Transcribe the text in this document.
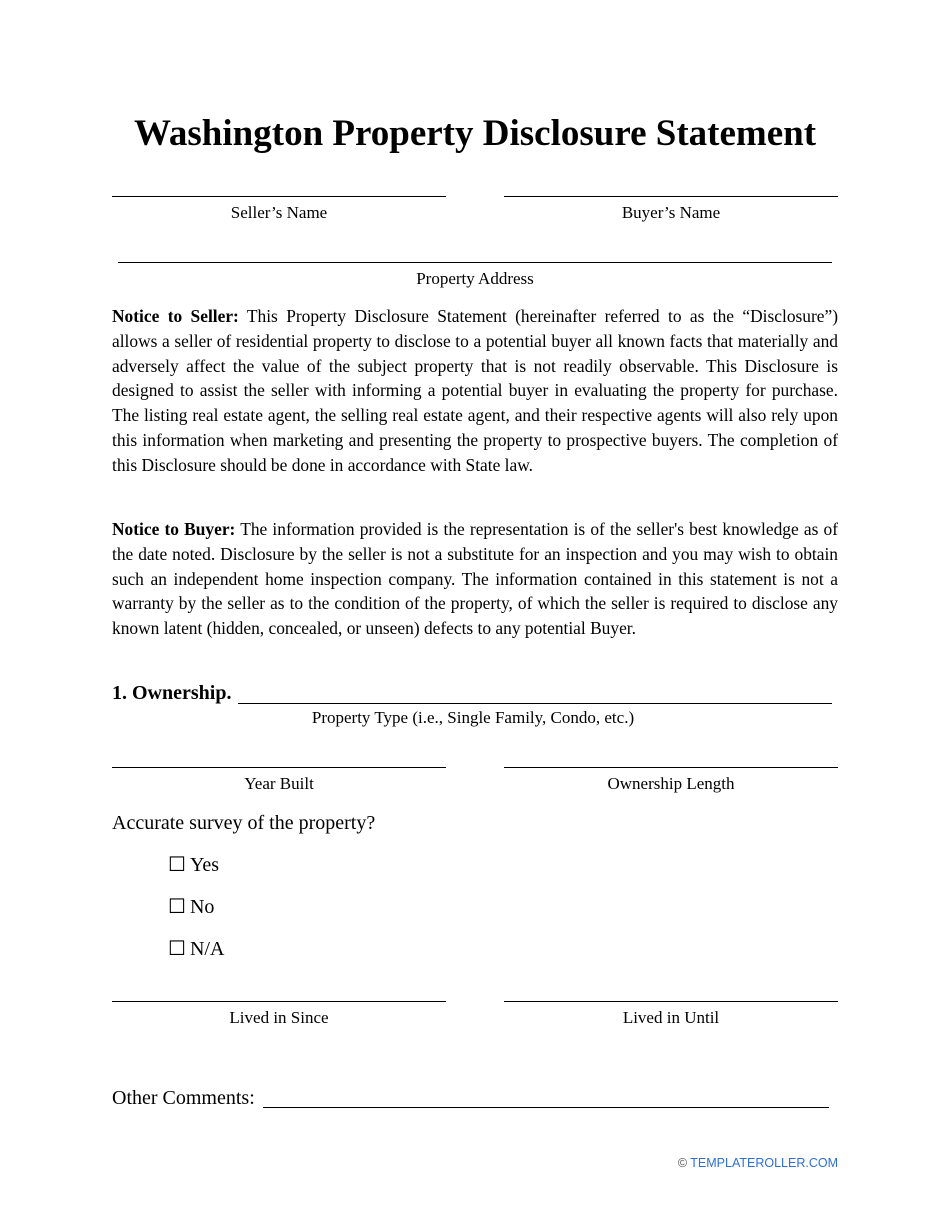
Washington Property Disclosure Statement
Seller’s Name	Buyer’s Name
Property Address
Notice to Seller: This Property Disclosure Statement (hereinafter referred to as the “Disclosure”) allows a seller of residential property to disclose to a potential buyer all known facts that materially and adversely affect the value of the subject property that is not readily observable. This Disclosure is designed to assist the seller with informing a potential buyer in evaluating the property for purchase. The listing real estate agent, the selling real estate agent, and their respective agents will also rely upon this information when marketing and presenting the property to prospective buyers. The completion of this Disclosure should be done in accordance with State law.
Notice to Buyer: The information provided is the representation is of the seller's best knowledge as of the date noted. Disclosure by the seller is not a substitute for an inspection and you may wish to obtain such an independent home inspection company. The information contained in this statement is not a warranty by the seller as to the condition of the property, of which the seller is required to disclose any known latent (hidden, concealed, or unseen) defects to any potential Buyer.
1. Ownership.
Property Type (i.e., Single Family, Condo, etc.)
Year Built	Ownership Length
Accurate survey of the property?
☐ Yes
☐ No
☐ N/A
Lived in Since	Lived in Until
Other Comments:
© TEMPLATEROLLER.COM
